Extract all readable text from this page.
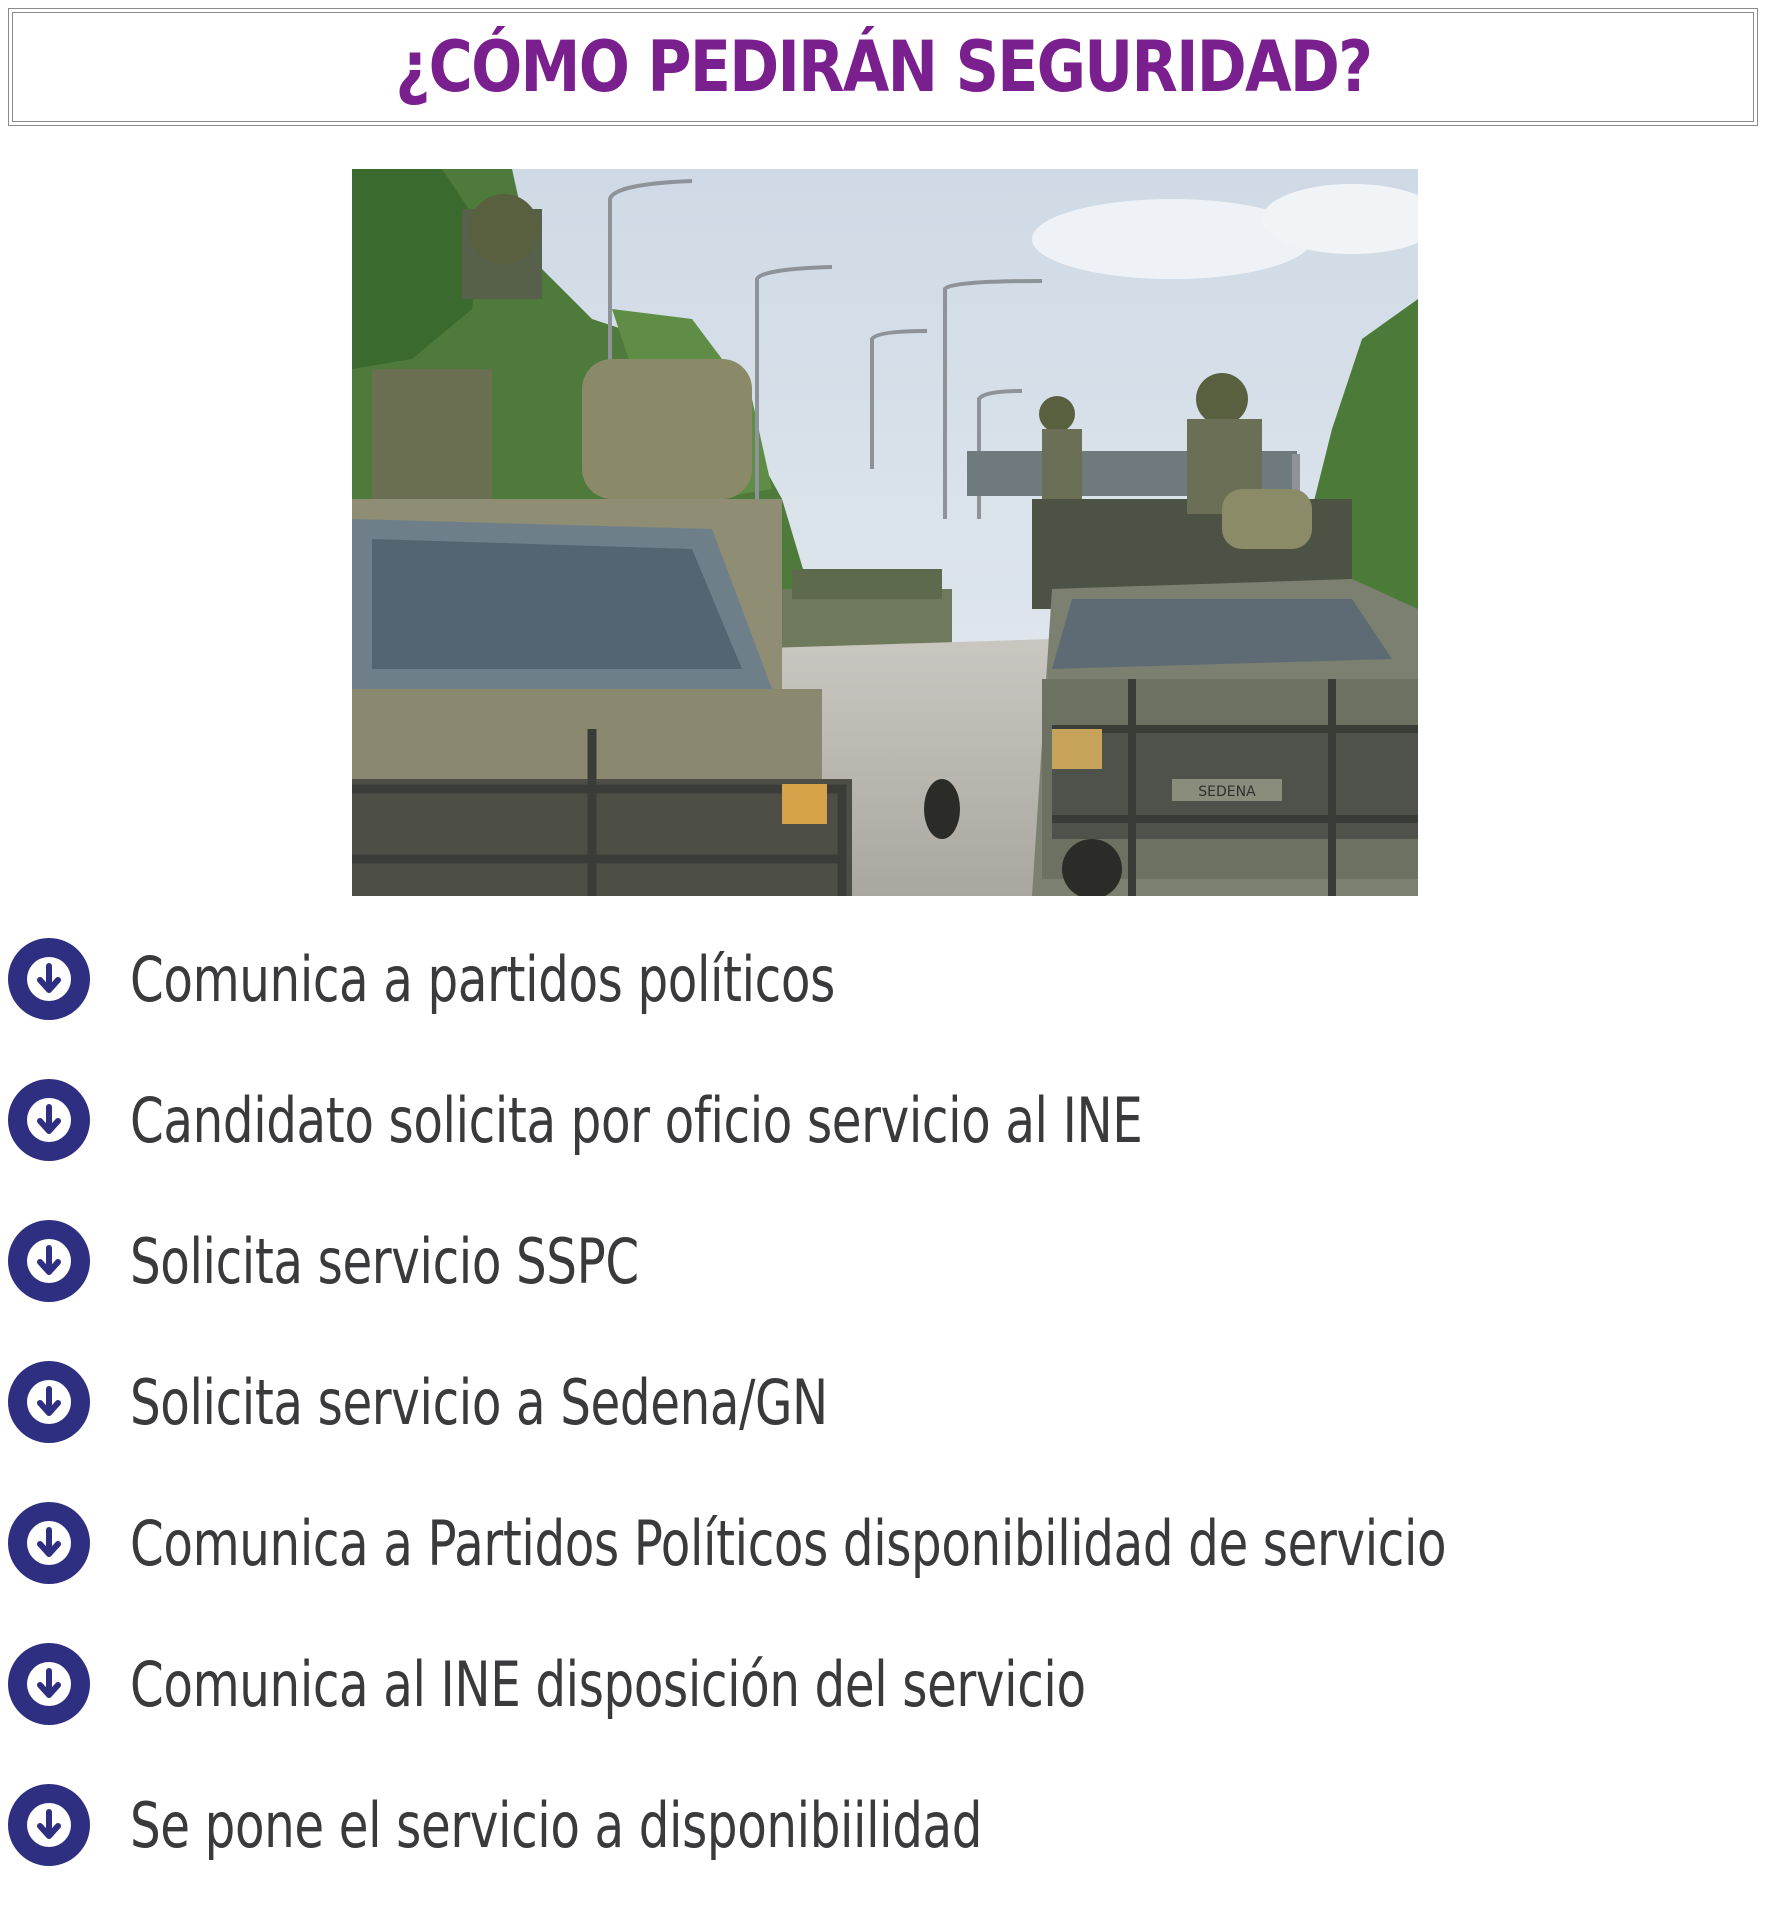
¿CÓMO PEDIRÁN SEGURIDAD?
SEDENA
Comunica a partidos políticos
Candidato solicita por oficio servicio al INE
Solicita servicio SSPC
Solicita servicio a Sedena/GN
Comunica a Partidos Políticos disponibilidad de servicio
Comunica al INE disposición del servicio
Se pone el servicio a disponibiilidad
